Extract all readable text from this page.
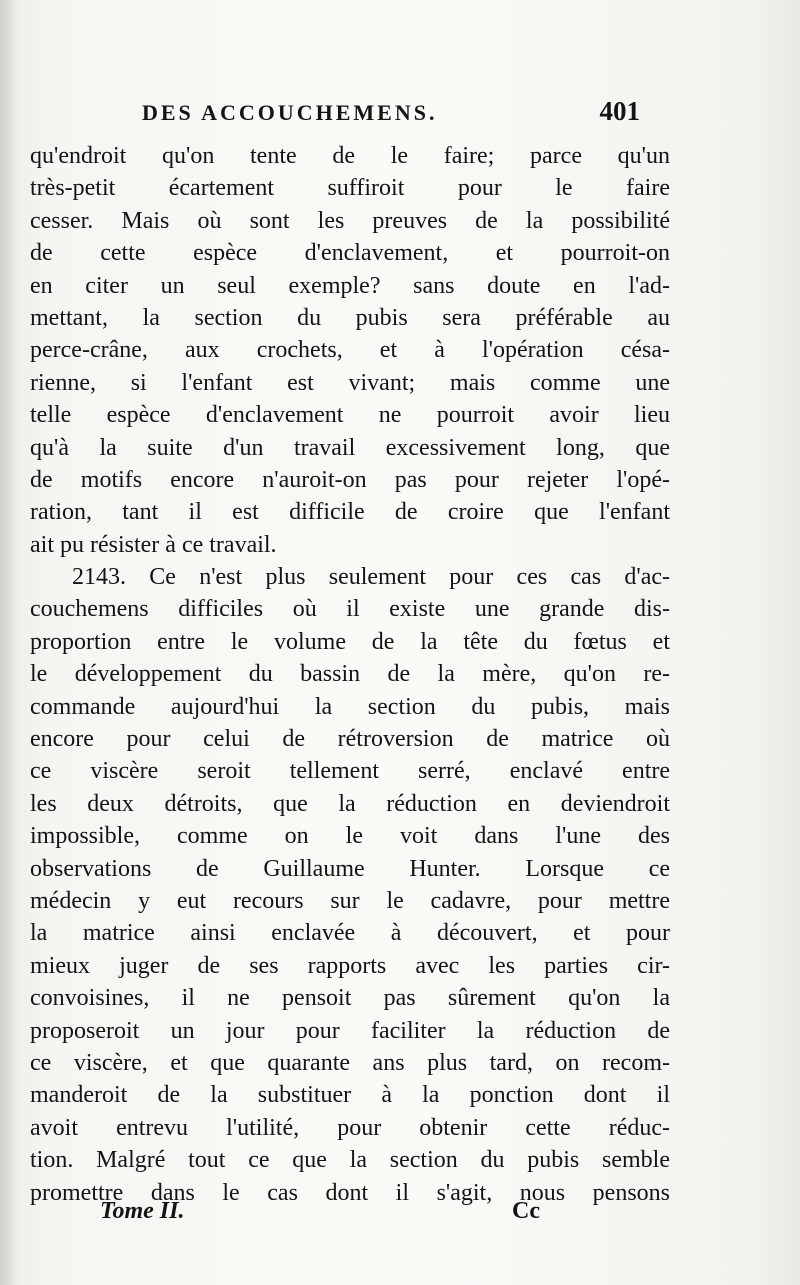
DES ACCOUCHEMENS.	401
qu'endroit qu'on tente de le faire; parce qu'un
très-petit écartement suffiroit pour le faire
cesser. Mais où sont les preuves de la possibilité
de cette espèce d'enclavement, et pourroit-on
en citer un seul exemple? sans doute en l'ad-
mettant, la section du pubis sera préférable au
perce-crâne, aux crochets, et à l'opération césa-
rienne, si l'enfant est vivant; mais comme une
telle espèce d'enclavement ne pourroit avoir lieu
qu'à la suite d'un travail excessivement long, que
de motifs encore n'auroit-on pas pour rejeter l'opé-
ration, tant il est difficile de croire que l'enfant
ait pu résister à ce travail.
2143. Ce n'est plus seulement pour ces cas d'ac-
couchemens difficiles où il existe une grande dis-
proportion entre le volume de la tête du fœtus et
le développement du bassin de la mère, qu'on re-
commande aujourd'hui la section du pubis, mais
encore pour celui de rétroversion de matrice où
ce viscère seroit tellement serré, enclavé entre
les deux détroits, que la réduction en deviendroit
impossible, comme on le voit dans l'une des
observations de Guillaume Hunter. Lorsque ce
médecin y eut recours sur le cadavre, pour mettre
la matrice ainsi enclavée à découvert, et pour
mieux juger de ses rapports avec les parties cir-
convoisines, il ne pensoit pas sûrement qu'on la
proposeroit un jour pour faciliter la réduction de
ce viscère, et que quarante ans plus tard, on recom-
manderoit de la substituer à la ponction dont il
avoit entrevu l'utilité, pour obtenir cette réduc-
tion. Malgré tout ce que la section du pubis semble
promettre dans le cas dont il s'agit, nous pensons
Tome II.	Cc
